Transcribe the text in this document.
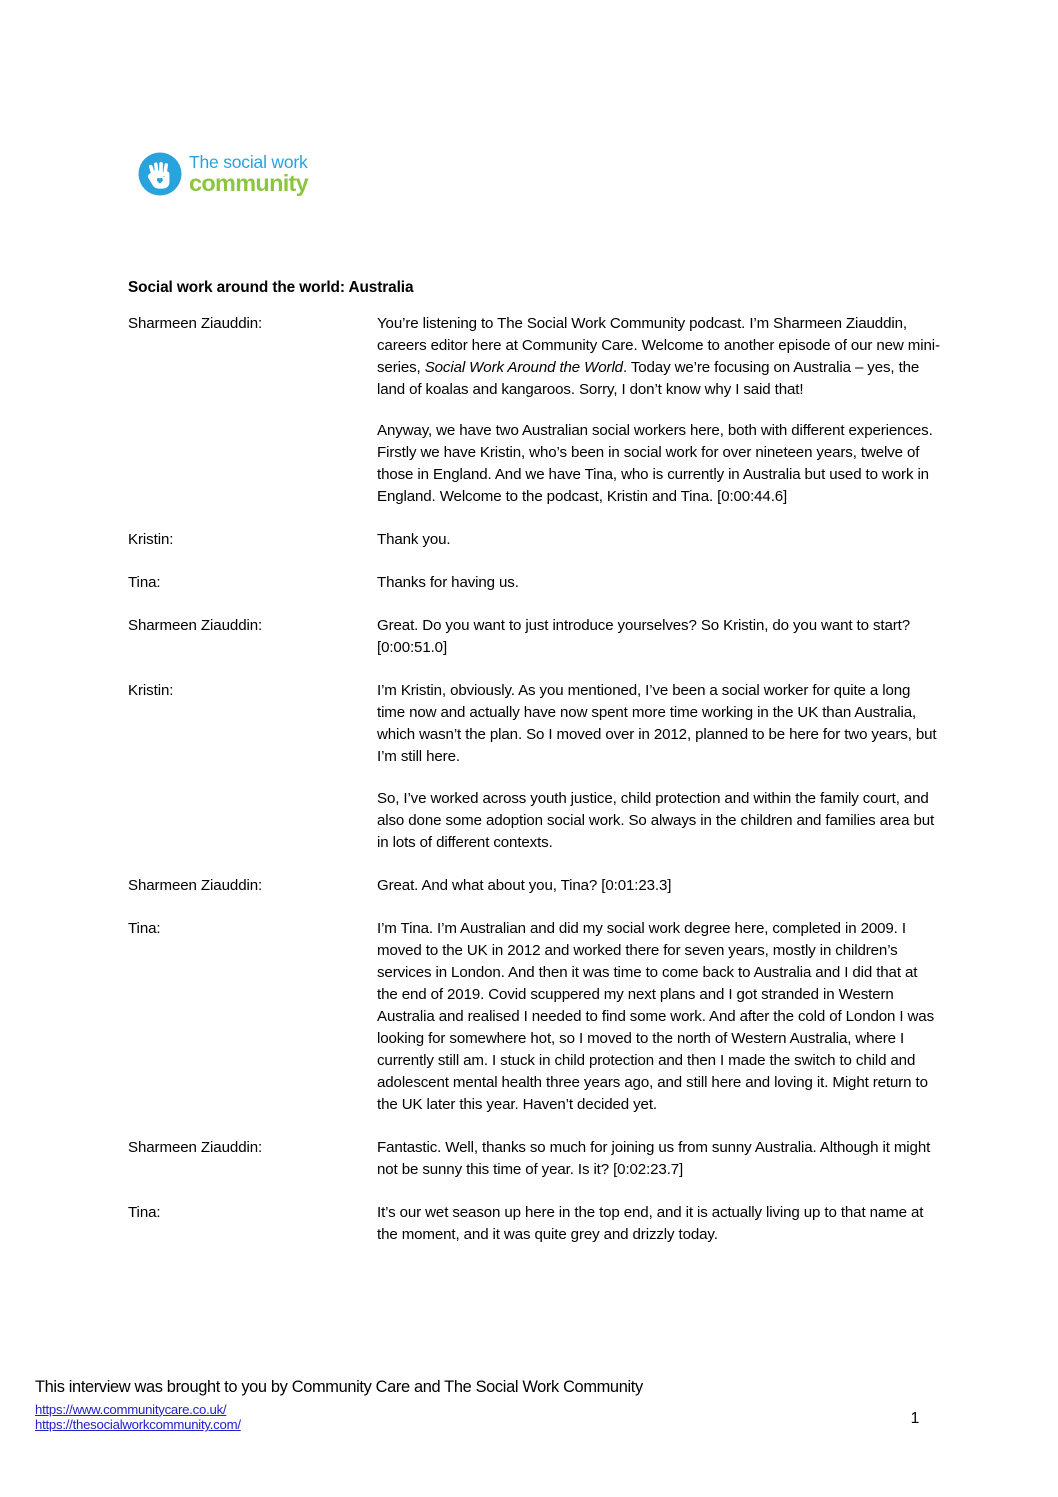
The social work
community
Social work around the world: Australia
Sharmeen Ziauddin:	You’re listening to The Social Work Community podcast. I’m Sharmeen Ziauddin, careers editor here at Community Care. Welcome to another episode of our new mini-series, Social Work Around the World. Today we’re focusing on Australia – yes, the land of koalas and kangaroos. Sorry, I don’t know why I said that!

Anyway, we have two Australian social workers here, both with different experiences. Firstly we have Kristin, who’s been in social work for over nineteen years, twelve of those in England. And we have Tina, who is currently in Australia but used to work in England. Welcome to the podcast, Kristin and Tina. [0:00:44.6]

Kristin:	Thank you.

Tina:	Thanks for having us.

Sharmeen Ziauddin:	Great. Do you want to just introduce yourselves? So Kristin, do you want to start? [0:00:51.0]

Kristin:	I’m Kristin, obviously. As you mentioned, I’ve been a social worker for quite a long time now and actually have now spent more time working in the UK than Australia, which wasn’t the plan. So I moved over in 2012, planned to be here for two years, but I’m still here.

So, I’ve worked across youth justice, child protection and within the family court, and also done some adoption social work. So always in the children and families area but in lots of different contexts.

Sharmeen Ziauddin:	Great. And what about you, Tina? [0:01:23.3]

Tina:	I’m Tina. I’m Australian and did my social work degree here, completed in 2009. I moved to the UK in 2012 and worked there for seven years, mostly in children’s services in London. And then it was time to come back to Australia and I did that at the end of 2019. Covid scuppered my next plans and I got stranded in Western Australia and realised I needed to find some work. And after the cold of London I was looking for somewhere hot, so I moved to the north of Western Australia, where I currently still am. I stuck in child protection and then I made the switch to child and adolescent mental health three years ago, and still here and loving it. Might return to the UK later this year. Haven’t decided yet.

Sharmeen Ziauddin:	Fantastic. Well, thanks so much for joining us from sunny Australia. Although it might not be sunny this time of year. Is it? [0:02:23.7]

Tina:	It’s our wet season up here in the top end, and it is actually living up to that name at the moment, and it was quite grey and drizzly today.

This interview was brought to you by Community Care and The Social Work Community
https://www.communitycare.co.uk/
https://thesocialworkcommunity.com/	1
